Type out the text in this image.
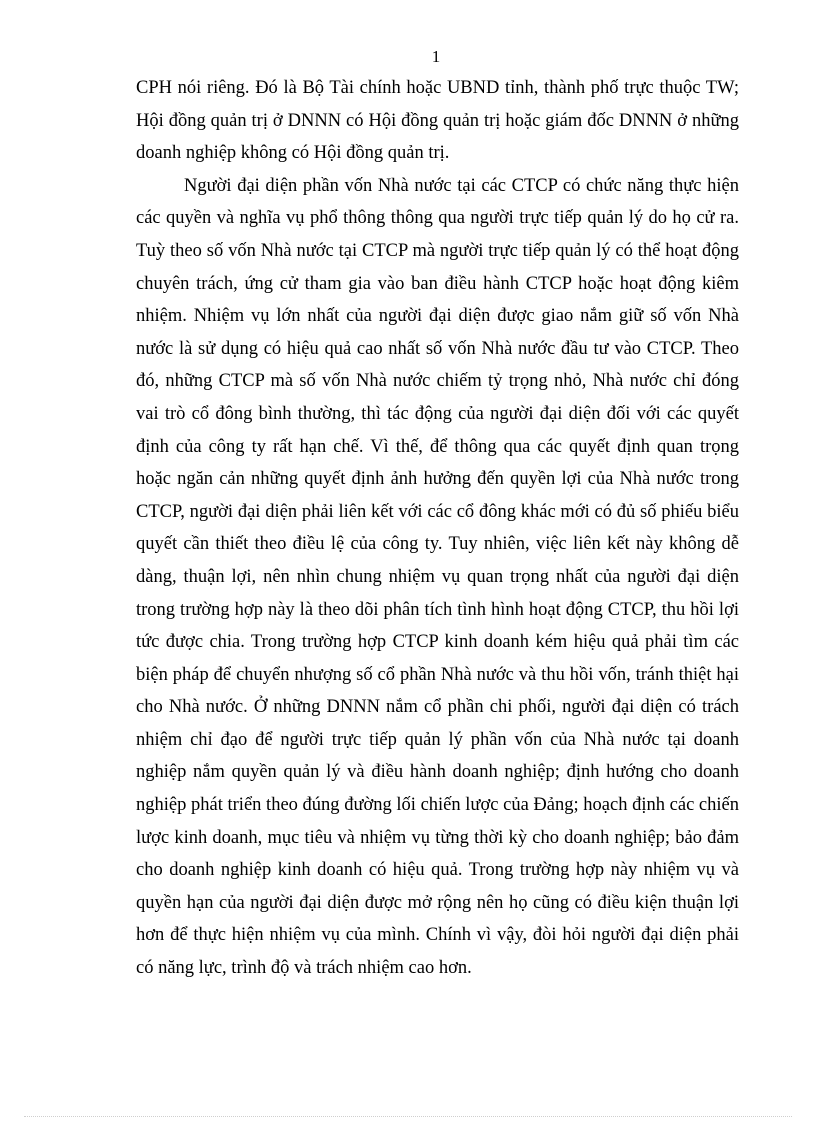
1

CPH nói riêng. Đó là Bộ Tài chính hoặc UBND tỉnh, thành phố trực thuộc TW; Hội đồng quản trị ở DNNN có Hội đồng quản trị hoặc giám đốc DNNN ở những doanh nghiệp không có Hội đồng quản trị.

Người đại diện phần vốn Nhà nước tại các CTCP có chức năng thực hiện các quyền và nghĩa vụ phổ thông thông qua người trực tiếp quản lý do họ cử ra. Tuỳ theo số vốn Nhà nước tại CTCP mà người trực tiếp quản lý có thể hoạt động chuyên trách, ứng cử tham gia vào ban điều hành CTCP hoặc hoạt động kiêm nhiệm. Nhiệm vụ lớn nhất của người đại diện được giao nắm giữ số vốn Nhà nước là sử dụng có hiệu quả cao nhất số vốn Nhà nước đầu tư vào CTCP. Theo đó, những CTCP mà số vốn Nhà nước chiếm tỷ trọng nhỏ, Nhà nước chỉ đóng vai trò cổ đông bình thường, thì tác động của người đại diện đối với các quyết định của công ty rất hạn chế. Vì thế, để thông qua các quyết định quan trọng hoặc ngăn cản những quyết định ảnh hưởng đến quyền lợi của Nhà nước trong CTCP, người đại diện phải liên kết với các cổ đông khác mới có đủ số phiếu biểu quyết cần thiết theo điều lệ của công ty. Tuy nhiên, việc liên kết này không dễ dàng, thuận lợi, nên nhìn chung nhiệm vụ quan trọng nhất của người đại diện trong trường hợp này là theo dõi phân tích tình hình hoạt động CTCP, thu hồi lợi tức được chia. Trong trường hợp CTCP kinh doanh kém hiệu quả phải tìm các biện pháp để chuyển nhượng số cổ phần Nhà nước và thu hồi vốn, tránh thiệt hại cho Nhà nước. Ở những DNNN nắm cổ phần chi phối, người đại diện có trách nhiệm chỉ đạo để người trực tiếp quản lý phần vốn của Nhà nước tại doanh nghiệp nắm quyền quản lý và điều hành doanh nghiệp; định hướng cho doanh nghiệp phát triển theo đúng đường lối chiến lược của Đảng; hoạch định các chiến lược kinh doanh, mục tiêu và nhiệm vụ từng thời kỳ cho doanh nghiệp; bảo đảm cho doanh nghiệp kinh doanh có hiệu quả. Trong trường hợp này nhiệm vụ và quyền hạn của người đại diện được mở rộng nên họ cũng có điều kiện thuận lợi hơn để thực hiện nhiệm vụ của mình. Chính vì vậy, đòi hỏi người đại diện phải có năng lực, trình độ và trách nhiệm cao hơn.
